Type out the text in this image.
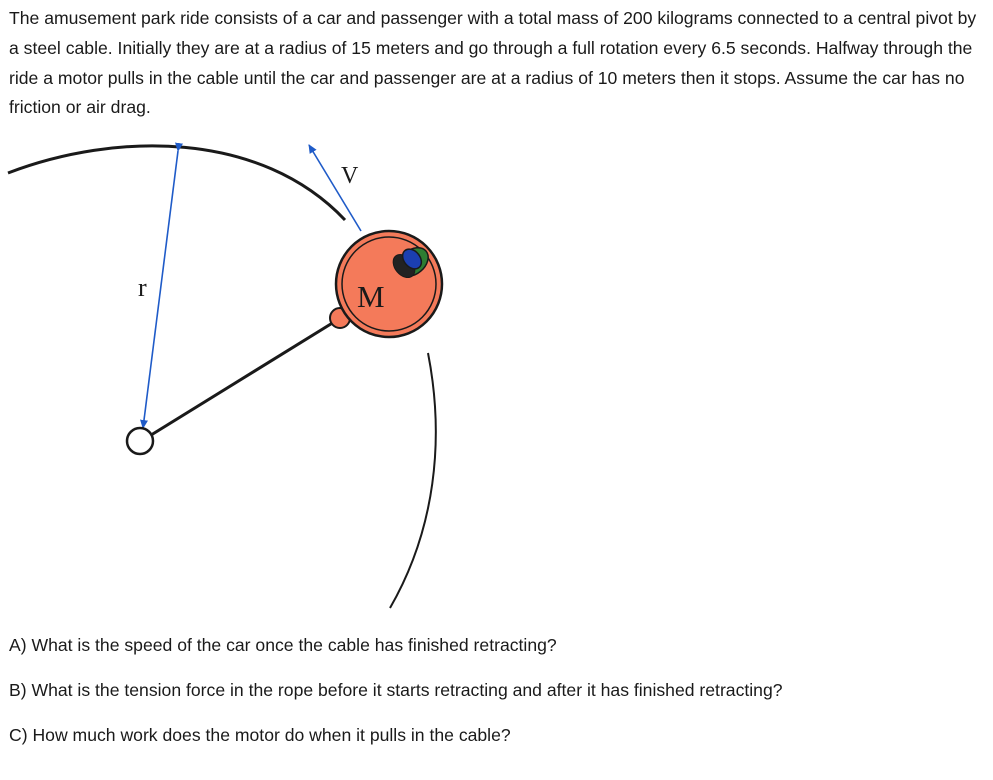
The amusement park ride consists of a car and passenger with a total mass of 200 kilograms connected to a central pivot by a steel cable. Initially they are at a radius of 15 meters and go through a full rotation every 6.5 seconds. Halfway through the ride a motor pulls in the cable until the car and passenger are at a radius of 10 meters then it stops. Assume the car has no friction or air drag.

r
V
M

A) What is the speed of the car once the cable has finished retracting?

B) What is the tension force in the rope before it starts retracting and after it has finished retracting?

C) How much work does the motor do when it pulls in the cable?
